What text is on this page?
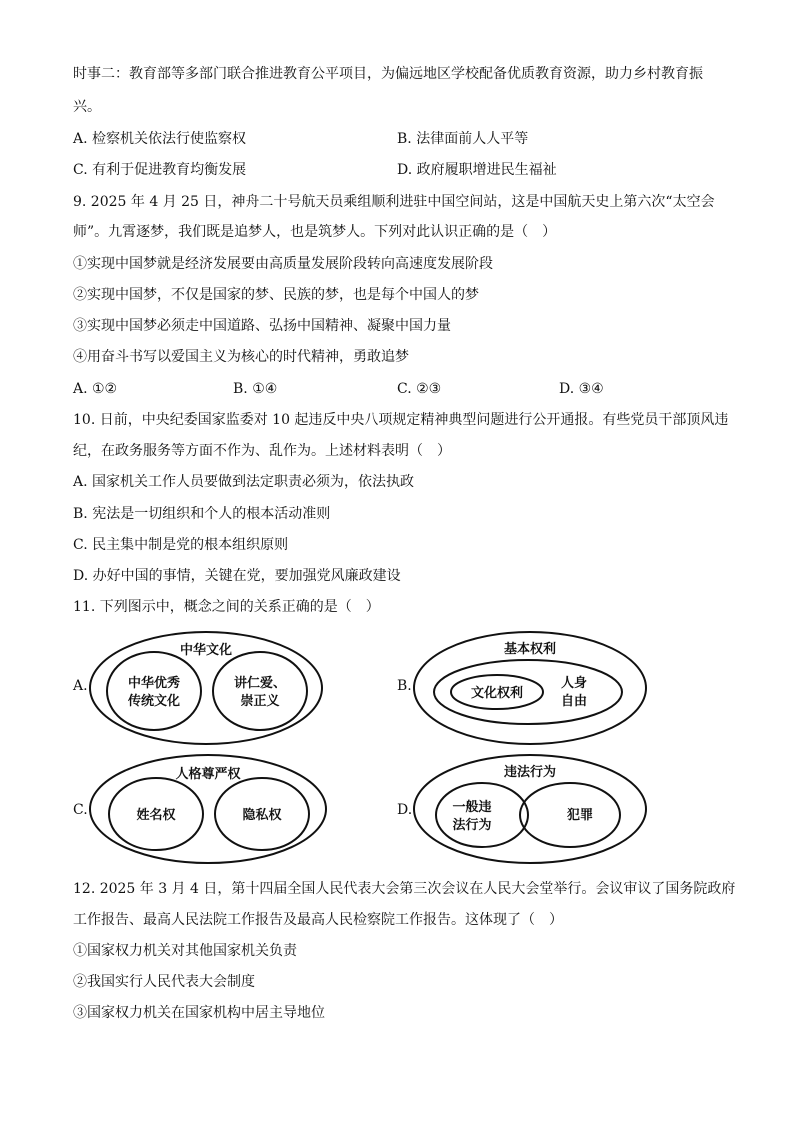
时事二：教育部等多部门联合推进教育公平项目，为偏远地区学校配备优质教育资源，助力乡村教育振
兴。
A. 检察机关依法行使监察权	B. 法律面前人人平等
C. 有利于促进教育均衡发展	D. 政府履职增进民生福祉
9. 2025 年 4 月 25 日，神舟二十号航天员乘组顺利进驻中国空间站，这是中国航天史上第六次“太空会
师”。九霄逐梦，我们既是追梦人，也是筑梦人。下列对此认识正确的是（　）
①实现中国梦就是经济发展要由高质量发展阶段转向高速度发展阶段
②实现中国梦，不仅是国家的梦、民族的梦，也是每个中国人的梦
③实现中国梦必须走中国道路、弘扬中国精神、凝聚中国力量
④用奋斗书写以爱国主义为核心的时代精神，勇敢追梦
A. ①②	B. ①④	C. ②③	D. ③④
10. 日前，中央纪委国家监委对 10 起违反中央八项规定精神典型问题进行公开通报。有些党员干部顶风违
纪，在政务服务等方面不作为、乱作为。上述材料表明（　）
A. 国家机关工作人员要做到法定职责必须为，依法执政
B. 宪法是一切组织和个人的根本活动准则
C. 民主集中制是党的根本组织原则
D. 办好中国的事情，关键在党，要加强党风廉政建设
11. 下列图示中，概念之间的关系正确的是（　）
A.	B.
C.	D.
中华文化
中华优秀
传统文化
讲仁爱、
崇正义
基本权利
文化权利
人身
自由
人格尊严权
姓名权	隐私权
违法行为
一般违
法行为
犯罪
12. 2025 年 3 月 4 日，第十四届全国人民代表大会第三次会议在人民大会堂举行。会议审议了国务院政府
工作报告、最高人民法院工作报告及最高人民检察院工作报告。这体现了（　）
①国家权力机关对其他国家机关负责
②我国实行人民代表大会制度
③国家权力机关在国家机构中居主导地位
